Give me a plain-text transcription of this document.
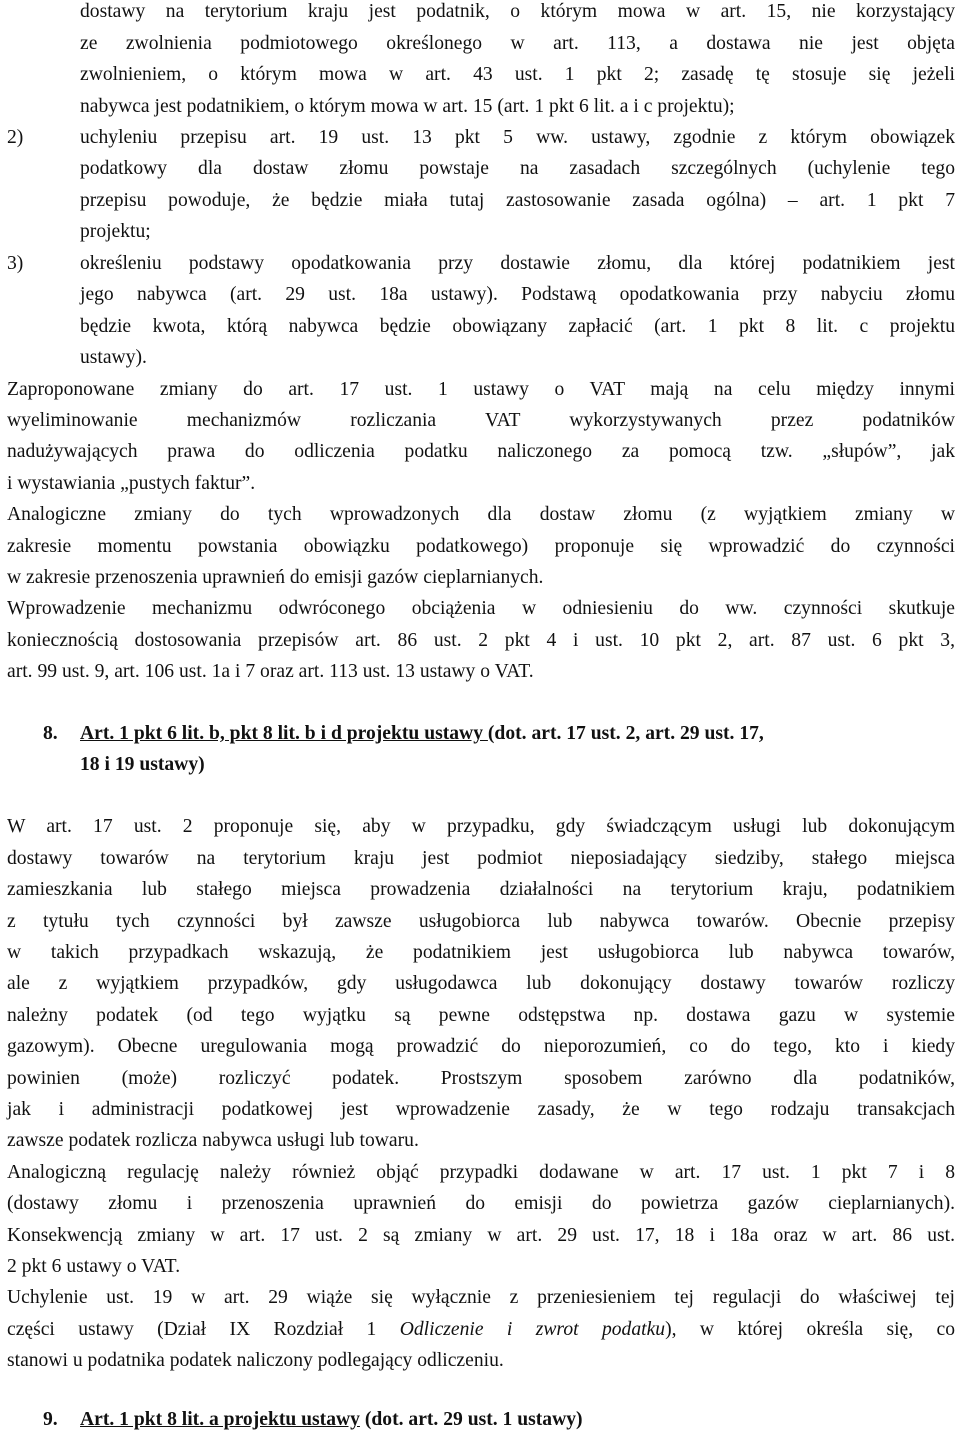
dostawy na terytorium kraju jest podatnik, o którym mowa w art. 15, nie korzystający
ze zwolnienia podmiotowego określonego w art. 113, a dostawa nie jest objęta
zwolnieniem, o którym mowa w art. 43 ust. 1 pkt 2; zasadę tę stosuje się jeżeli
nabywca jest podatnikiem, o którym mowa w art. 15 (art. 1 pkt 6 lit. a i c projektu);
2)	uchyleniu przepisu art. 19 ust. 13 pkt 5 ww. ustawy, zgodnie z którym obowiązek
podatkowy dla dostaw złomu powstaje na zasadach szczególnych (uchylenie tego
przepisu powoduje, że będzie miała tutaj zastosowanie zasada ogólna) – art. 1 pkt 7
projektu;
3)	określeniu podstawy opodatkowania przy dostawie złomu, dla której podatnikiem jest
jego nabywca (art. 29 ust. 18a ustawy). Podstawą opodatkowania przy nabyciu złomu
będzie kwota, którą nabywca będzie obowiązany zapłacić (art. 1 pkt 8 lit. c projektu
ustawy).
Zaproponowane zmiany do art. 17 ust. 1 ustawy o VAT mają na celu między innymi
wyeliminowanie mechanizmów rozliczania VAT wykorzystywanych przez podatników
nadużywających prawa do odliczenia podatku naliczonego za pomocą tzw. „słupów”, jak
i wystawiania „pustych faktur”.
Analogiczne zmiany do tych wprowadzonych dla dostaw złomu (z wyjątkiem zmiany w
zakresie momentu powstania obowiązku podatkowego) proponuje się wprowadzić do czynności
w zakresie przenoszenia uprawnień do emisji gazów cieplarnianych.
Wprowadzenie mechanizmu odwróconego obciążenia w odniesieniu do ww. czynności skutkuje
koniecznością dostosowania przepisów art. 86 ust. 2 pkt 4 i ust. 10 pkt 2, art. 87 ust. 6 pkt 3,
art. 99 ust. 9, art. 106 ust. 1a i 7 oraz art. 113 ust. 13 ustawy o VAT.
8. Art. 1 pkt 6 lit. b, pkt 8 lit. b i d projektu ustawy (dot. art. 17 ust. 2, art. 29 ust. 17,
18 i 19 ustawy)
W art. 17 ust. 2 proponuje się, aby w przypadku, gdy świadczącym usługi lub dokonującym
dostawy towarów na terytorium kraju jest podmiot nieposiadający siedziby, stałego miejsca
zamieszkania lub stałego miejsca prowadzenia działalności na terytorium kraju, podatnikiem
z tytułu tych czynności był zawsze usługobiorca lub nabywca towarów. Obecnie przepisy
w takich przypadkach wskazują, że podatnikiem jest usługobiorca lub nabywca towarów,
ale z wyjątkiem przypadków, gdy usługodawca lub dokonujący dostawy towarów rozliczy
należny podatek (od tego wyjątku są pewne odstępstwa np. dostawa gazu w systemie
gazowym). Obecne uregulowania mogą prowadzić do nieporozumień, co do tego, kto i kiedy
powinien (może) rozliczyć podatek. Prostszym sposobem zarówno dla podatników,
jak i administracji podatkowej jest wprowadzenie zasady, że w tego rodzaju transakcjach
zawsze podatek rozlicza nabywca usługi lub towaru.
Analogiczną regulację należy również objąć przypadki dodawane w art. 17 ust. 1 pkt 7 i 8
(dostawy złomu i przenoszenia uprawnień do emisji do powietrza gazów cieplarnianych).
Konsekwencją zmiany w art. 17 ust. 2 są zmiany w art. 29 ust. 17, 18 i 18a oraz w art. 86 ust.
2 pkt 6 ustawy o VAT.
Uchylenie ust. 19 w art. 29 wiąże się wyłącznie z przeniesieniem tej regulacji do właściwej tej
części ustawy (Dział IX Rozdział 1 Odliczenie i zwrot podatku), w której określa się, co
stanowi u podatnika podatek naliczony podlegający odliczeniu.
9. Art. 1 pkt 8 lit. a projektu ustawy (dot. art. 29 ust. 1 ustawy)
